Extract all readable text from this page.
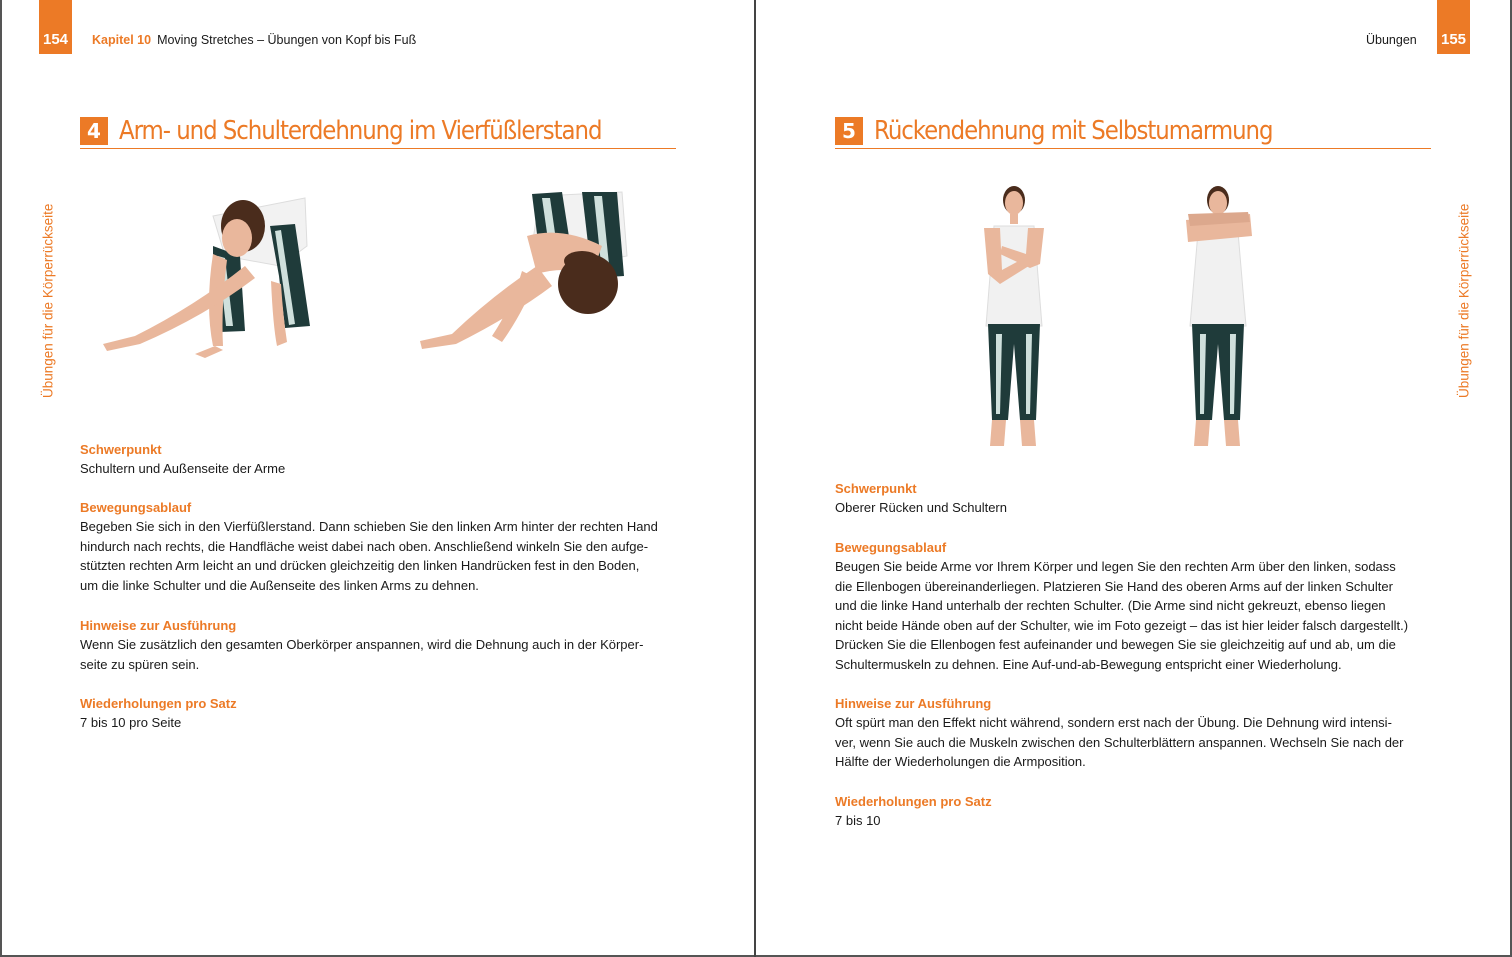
154	Kapitel 10 Moving Stretches – Übungen von Kopf bis Fuß
Übungen für die Körperrückseite
4 Arm- und Schulterdehnung im Vierfüßlerstand
Schwerpunkt

Schultern und Außenseite der Arme

Bewegungsablauf

Begeben Sie sich in den Vierfüßlerstand. Dann schieben Sie den linken Arm hinter der rechten Hand

hindurch nach rechts, die Handfläche weist dabei nach oben. Anschließend winkeln Sie den aufge-

stützten rechten Arm leicht an und drücken gleichzeitig den linken Handrücken fest in den Boden,

um die linke Schulter und die Außenseite des linken Arms zu dehnen.

Hinweise zur Ausführung

Wenn Sie zusätzlich den gesamten Oberkörper anspannen, wird die Dehnung auch in der Körper-

seite zu spüren sein.

Wiederholungen pro Satz

7 bis 10 pro Seite

155
Übungen
Übungen für die Körperrückseite
5 Rückendehnung mit Selbstumarmung
Schwerpunkt

Oberer Rücken und Schultern

Bewegungsablauf

Beugen Sie beide Arme vor Ihrem Körper und legen Sie den rechten Arm über den linken, sodass

die Ellenbogen übereinanderliegen. Platzieren Sie Hand des oberen Arms auf der linken Schulter

und die linke Hand unterhalb der rechten Schulter. (Die Arme sind nicht gekreuzt, ebenso liegen

nicht beide Hände oben auf der Schulter, wie im Foto gezeigt – das ist hier leider falsch dargestellt.)

Drücken Sie die Ellenbogen fest aufeinander und bewegen Sie sie gleichzeitig auf und ab, um die

Schultermuskeln zu dehnen. Eine Auf-und-ab-Bewegung entspricht einer Wiederholung.

Hinweise zur Ausführung

Oft spürt man den Effekt nicht während, sondern erst nach der Übung. Die Dehnung wird intensi-

ver, wenn Sie auch die Muskeln zwischen den Schulterblättern anspannen. Wechseln Sie nach der

Hälfte der Wiederholungen die Armposition.

Wiederholungen pro Satz

7 bis 10
